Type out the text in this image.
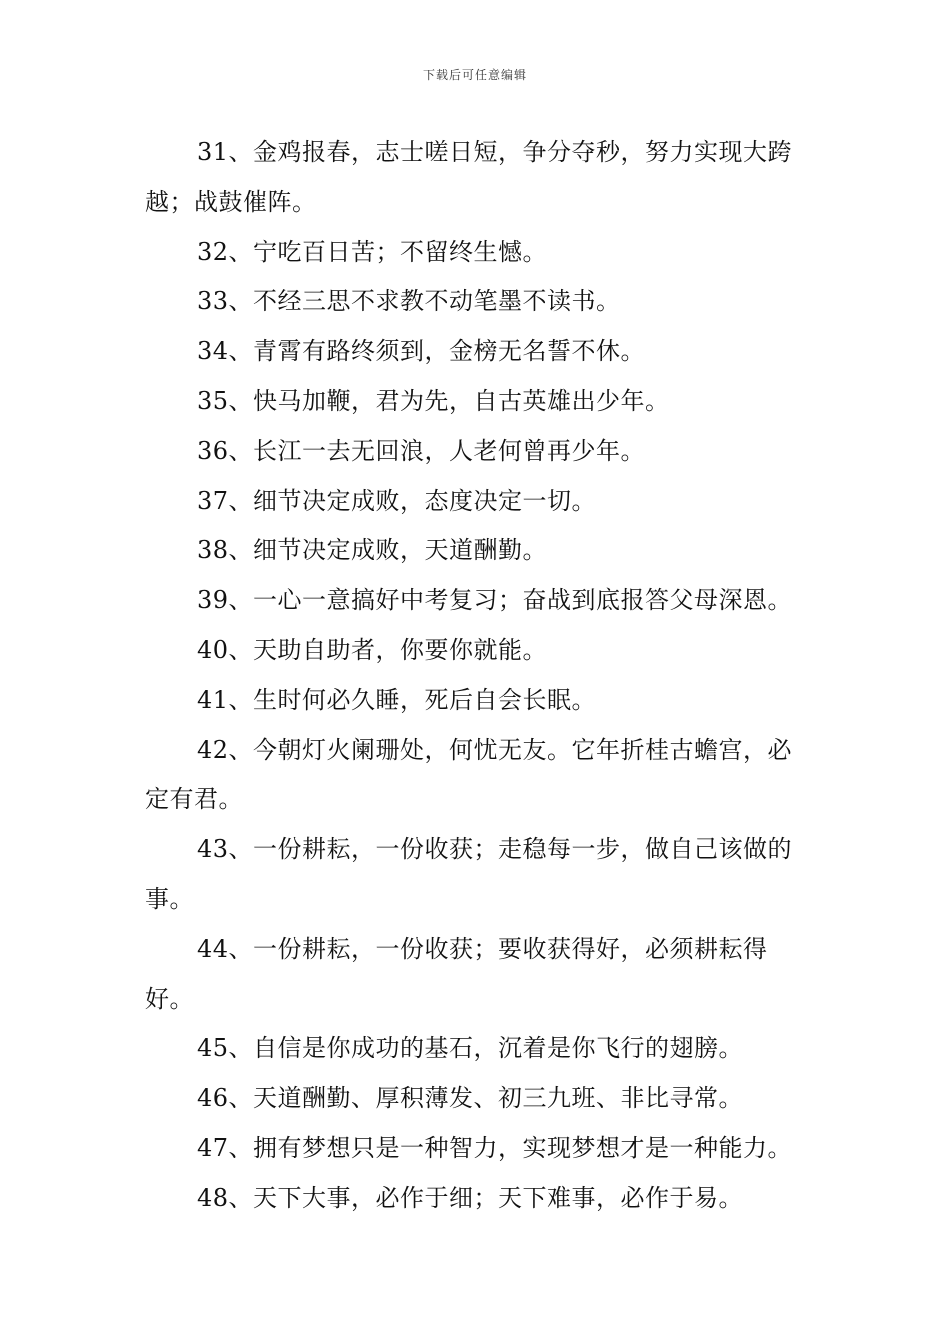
下载后可任意编辑

31、金鸡报春，志士嗟日短，争分夺秒，努力实现大跨越；战鼓催阵。

32、宁吃百日苦；不留终生憾。

33、不经三思不求教不动笔墨不读书。

34、青霄有路终须到，金榜无名誓不休。

35、快马加鞭，君为先，自古英雄出少年。

36、长江一去无回浪，人老何曾再少年。

37、细节决定成败，态度决定一切。

38、细节决定成败，天道酬勤。

39、一心一意搞好中考复习；奋战到底报答父母深恩。

40、天助自助者，你要你就能。

41、生时何必久睡，死后自会长眠。

42、今朝灯火阑珊处，何忧无友。它年折桂古蟾宫，必定有君。

43、一份耕耘，一份收获；走稳每一步，做自己该做的事。

44、一份耕耘，一份收获；要收获得好，必须耕耘得好。

45、自信是你成功的基石，沉着是你飞行的翅膀。

46、天道酬勤、厚积薄发、初三九班、非比寻常。

47、拥有梦想只是一种智力，实现梦想才是一种能力。

48、天下大事，必作于细；天下难事，必作于易。
